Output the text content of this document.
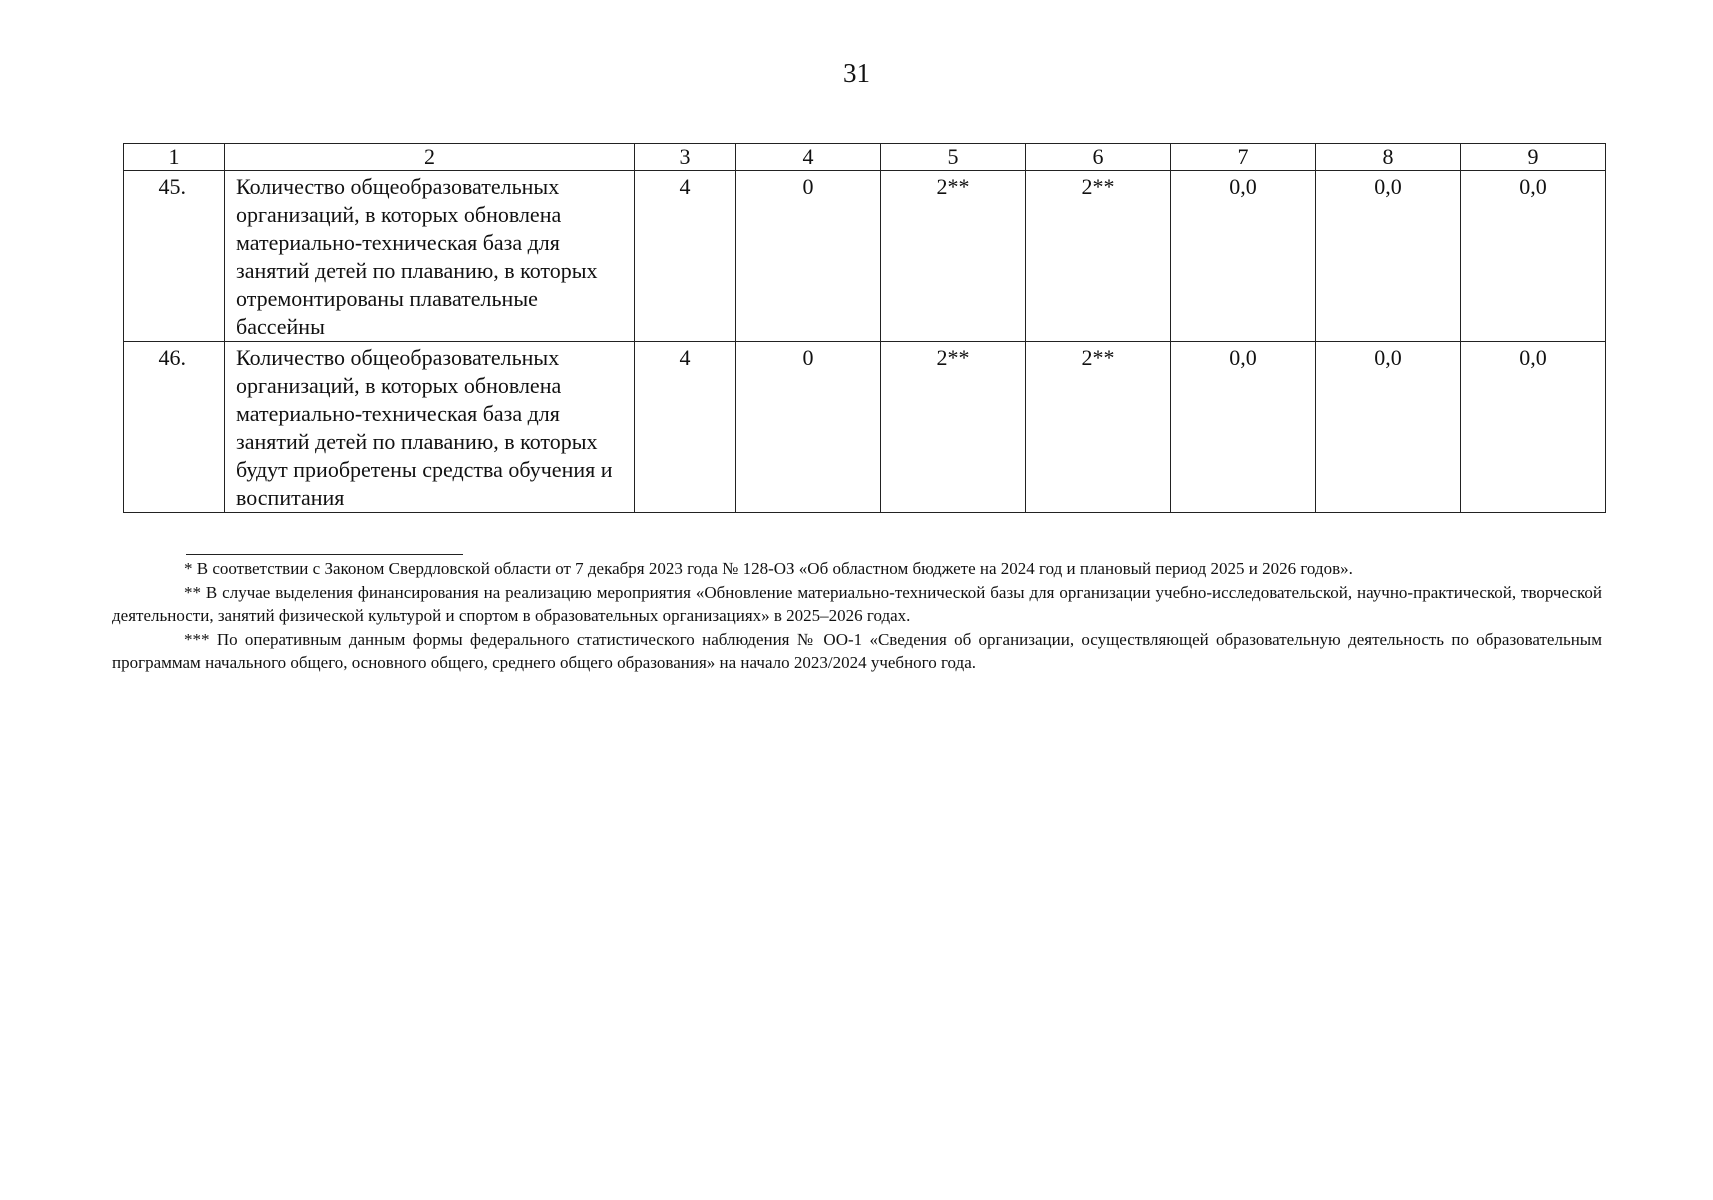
31
1	2	3	4	5	6	7	8	9
45.	Количество общеобразовательных организаций, в которых обновлена материально-техническая база для занятий детей по плаванию, в которых отремонтированы плавательные бассейны	4	0	2**	2**	0,0	0,0	0,0
46.	Количество общеобразовательных организаций, в которых обновлена материально-техническая база для занятий детей по плаванию, в которых будут приобретены средства обучения и воспитания	4	0	2**	2**	0,0	0,0	0,0

* В соответствии с Законом Свердловской области от 7 декабря 2023 года № 128-ОЗ «Об областном бюджете на 2024 год и плановый период 2025 и 2026 годов».

** В случае выделения финансирования на реализацию мероприятия «Обновление материально-технической базы для организации учебно-исследовательской, научно-практической, творческой деятельности, занятий физической культурой и спортом в образовательных организациях» в 2025–2026 годах.

*** По оперативным данным формы федерального статистического наблюдения № ОО-1 «Сведения об организации, осуществляющей образовательную деятельность по образовательным программам начального общего, основного общего, среднего общего образования» на начало 2023/2024 учебного года.
